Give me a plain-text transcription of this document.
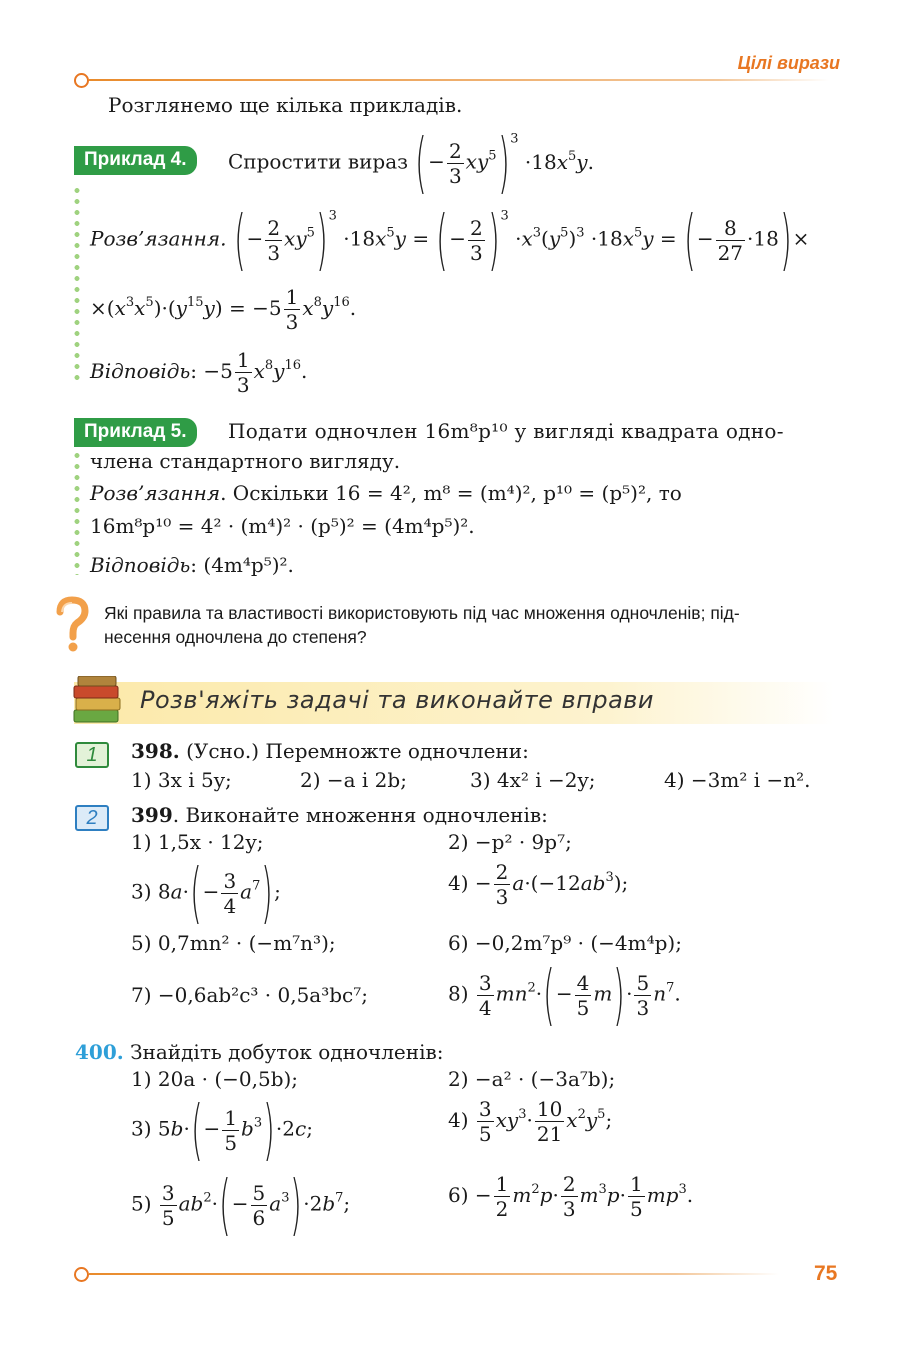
Цілі вирази
Розглянемо ще кілька прикладів.
Приклад 4.	Спростити вираз (− $\frac{2}{3} xy^5)^3 \cdot 18x^5y$.
Розв’язання. (− $\frac{2}{3} xy^5)^3 \cdot 18x^5y$ = (− $\frac{2}{3} )^3 \cdot x^3(y^5)^3 \cdot 18x^5y$ = (− $\frac{8}{27} \cdot 18)\times$
$\times(x^3x^5)\cdot(y^{15}y) = -5 \frac{1}{3} x^8y^{16}$.
Відповідь: $-5 \frac{1}{3} x^8y^{16}$.
Приклад 5.	Подати одночлен 16m⁸p¹⁰ у вигляді квадрата одно-
члена стандартного вигляду.
Розв’язання. Оскільки 16 = 4², m⁸ = (m⁴)², p¹⁰ = (p⁵)², то
16m⁸p¹⁰ = 4² · (m⁴)² · (p⁵)² = (4m⁴p⁵)².
Відповідь: (4m⁴p⁵)².
Які правила та властивості використовують під час множення одночленів; під-
несення одночлена до степеня?
Розв'яжіть задачі та виконайте вправи
1	398. (Усно.) Перемножте одночлени:
1) 3x і 5y;	2) −a і 2b;	3) 4x² і −2y;	4) −3m² і −n².
2	399. Виконайте множення одночленів:
1) 1,5x · 12y;	2) −p² · 9p⁷;
3) $8a\cdot(- \frac{3}{4} a^7)$;	$4) - \frac{2}{3} a\cdot(-12ab^3)$;
5) 0,7mn² · (−m⁷n³);	6) −0,2m⁷p⁹ · (−4m⁴p);
7) −0,6ab²c³ · 0,5a³bc⁷;	$8) \frac{3}{4} mn^2\cdot(- \frac{4}{5} m)\cdot \frac{5}{3} n^7$.
400. Знайдіть добуток одночленів:
1) 20a · (−0,5b);	2) −a² · (−3a⁷b);
3) $5b\cdot(- \frac{1}{5} b^3)\cdot 2c$;	$4) \frac{3}{5} xy^3\cdot \frac{10}{21} x^2y^5$;
$5) \frac{3}{5} ab^2\cdot(- \frac{5}{6} a^3)\cdot 2b^7$;	$6) - \frac{1}{2} m^2p\cdot \frac{2}{3} m^3p\cdot \frac{1}{5} mp^3$.
75
